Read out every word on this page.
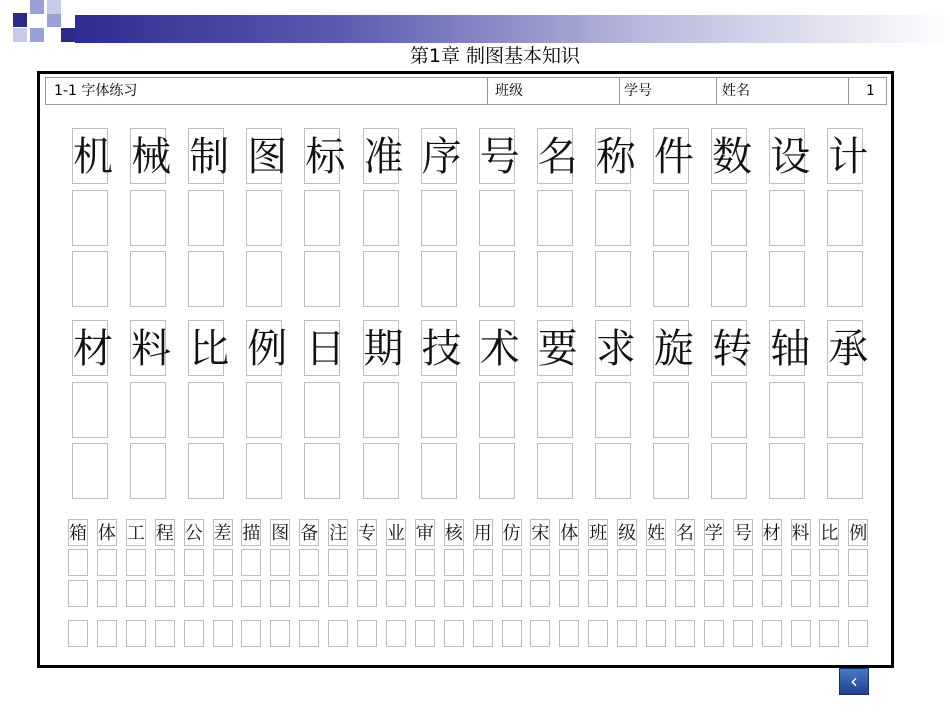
第1章 制图基本知识
1-1 字体练习	班级	学号	姓名	1
机 械 制 图 标 准 序 号 名 称 件 数 设 计
材 料 比 例 日 期 技 术 要 求 旋 转 轴 承
箱 体 工 程 公 差 描 图 备 注 专 业 审 核 用 仿 宋 体 班 级 姓 名 学 号 材 料 比 例
‹
